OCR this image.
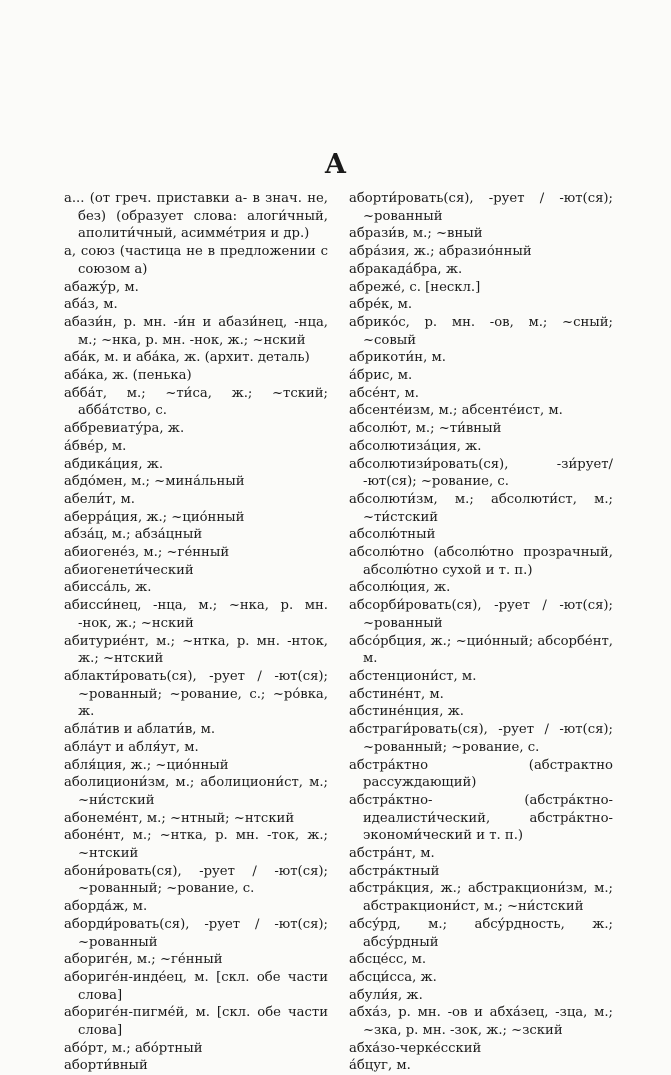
А

а... (от греч. приставки а- в знач. не, без) (образует слова: алоги́чный, аполити́чный, асимме́трия и др.)

а, союз (частица не в предложении с союзом а)

абажу́р, м.

аба́з, м.

абази́н, р. мн. -и́н и абази́нец, -нца, м.; ~нка, р. мн. -нок, ж.; ~нский

аба́к, м. и аба́ка, ж. (архит. деталь)

аба́ка, ж. (пенька)

абба́т, м.; ~ти́са, ж.; ~тский; абба́тство, с.

аббревиату́ра, ж.

а́бве́р, м.

абдика́ция, ж.

абдо́мен, м.; ~мина́льный

абели́т, м.

аберра́ция, ж.; ~цио́нный

абза́ц, м.; абза́цный

абиогене́з, м.; ~ге́нный

абиогенети́ческий

абисса́ль, ж.

абисси́нец, -нца, м.; ~нка, р. мн. -нок, ж.; ~нский

абитурие́нт, м.; ~нтка, р. мн. -нток, ж.; ~нтский

аблакти́ровать(ся), -рует / -ют(ся); ~рованный; ~рование, с.; ~ро́вка, ж.

абла́тив и аблати́в, м.

абла́ут и абля́ут, м.

абля́ция, ж.; ~цио́нный

аболициони́зм, м.; аболициони́ст, м.; ~ни́стский

абонеме́нт, м.; ~нтный; ~нтский

абоне́нт, м.; ~нтка, р. мн. -ток, ж.; ~нтский

абони́ровать(ся), -рует / -ют(ся); ~рованный; ~рование, с.

аборда́ж, м.

аборди́ровать(ся), -рует / -ют(ся); ~рованный

абориге́н, м.; ~ге́нный

абориге́н-инде́ец, м. [скл. обе части слова]

абориге́н-пигме́й, м. [скл. обе части слова]

або́рт, м.; або́ртный

аборти́вный

аборти́ровать(ся), -рует / -ют(ся); ~рованный

абрази́в, м.; ~вный

абра́зия, ж.; абразио́нный

абракада́бра, ж.

абреже́, с. [нескл.]

абре́к, м.

абрико́с, р. мн. -ов, м.; ~сный; ~совый

абрикоти́н, м.

а́брис, м.

абсе́нт, м.

абсенте́изм, м.; абсенте́ист, м.

абсолю́т, м.; ~ти́вный

абсолютиза́ция, ж.

абсолютизи́ровать(ся), -зи́рует/ -ют(ся); ~рование, с.

абсолюти́зм, м.; абсолюти́ст, м.; ~ти́стский

абсолю́тный

абсолю́тно (абсолю́тно прозрачный, абсолю́тно сухой и т. п.)

абсолю́ция, ж.

абсорби́ровать(ся), -рует / -ют(ся); ~рованный

абсо́рбция, ж.; ~цио́нный; абсорбе́нт, м.

абстенциони́ст, м.

абстине́нт, м.

абстине́нция, ж.

абстраги́ровать(ся), -рует / -ют(ся); ~рованный; ~рование, с.

абстра́ктно (абстрактно рассуждающий)

абстра́ктно- (абстра́ктно-идеалисти́ческий, абстра́ктно-экономи́ческий и т. п.)

абстра́нт, м.

абстра́ктный

абстра́кция, ж.; абстракциони́зм, м.; абстракциони́ст, м.; ~ни́стский

абсу́рд, м.; абсу́рдность, ж.; абсу́рдный

абсце́сс, м.

абсци́сса, ж.

абули́я, ж.

абха́з, р. мн. -ов и абха́зец, -зца, м.; ~зка, р. мн. -зок, ж.; ~зский

абха́зо-черке́сский

а́бцуг, м.
